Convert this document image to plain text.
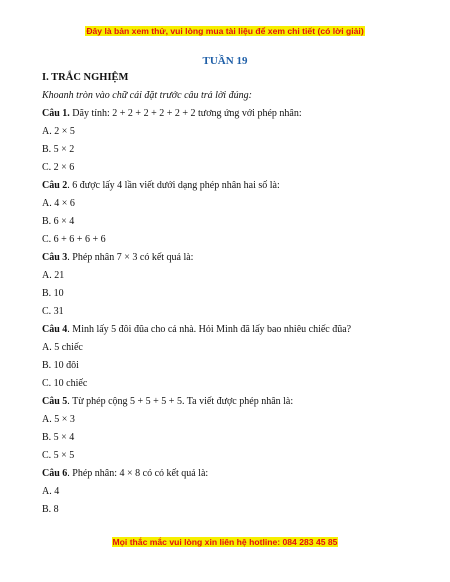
Đây là bản xem thử, vui lòng mua tài liệu để xem chi tiết (có lời giải)
TUẦN 19
I. TRẮC NGHIỆM
Khoanh tròn vào chữ cái đặt trước câu trả lời đúng:
Câu 1. Dãy tính: 2 + 2 + 2 + 2 + 2 + 2 tương ứng với phép nhân:
A. 2 × 5
B. 5 × 2
C. 2 × 6
Câu 2. 6 được lấy 4 lần viết dưới dạng phép nhân hai số là:
A. 4 × 6
B. 6 × 4
C. 6 + 6 + 6 + 6
Câu 3. Phép nhân 7 × 3 có kết quả là:
A. 21
B. 10
C. 31
Câu 4. Minh lấy 5 đôi đũa cho cả nhà. Hỏi Minh đã lấy bao nhiêu chiếc đũa?
A. 5 chiếc
B. 10 đôi
C. 10 chiếc
Câu 5. Từ phép cộng 5 + 5 + 5 + 5. Ta viết được phép nhân là:
A. 5 × 3
B. 5 × 4
C. 5 × 5
Câu 6. Phép nhân: 4 × 8 có có kết quả là:
A. 4
B. 8
Mọi thắc mắc vui lòng xin liên hệ hotline: 084 283 45 85
